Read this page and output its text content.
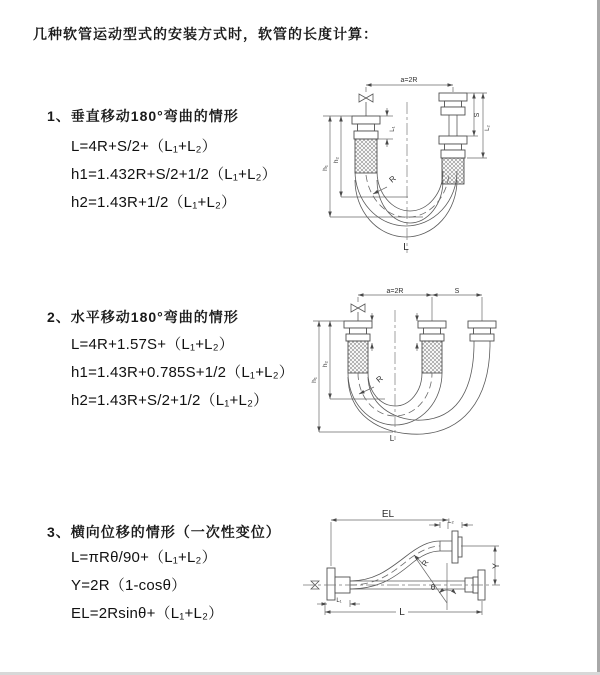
几种软管运动型式的安装方式时，软管的长度计算：
1、垂直移动180°弯曲的情形
L=4R+S/2+（L₁+L₂）
h1=1.432R+S/2+1/2（L₁+L₂）
h2=1.43R+1/2（L₁+L₂）
2、水平移动180°弯曲的情形
L=4R+1.57S+（L₁+L₂）
h1=1.43R+0.785S+1/2（L₁+L₂）
h2=1.43R+S/2+1/2（L₁+L₂）
3、横向位移的情形（一次性变位）
L=πRθ/90+（L₁+L₂）
Y=2R（1-cosθ）
EL=2Rsinθ+（L₁+L₂）
a=2R
L₁
S
L₂
h₁
h₂
R
L
a=2R	S
h₁
h₂
R
L
EL
L₂
Y
R
θ
L
L₁
